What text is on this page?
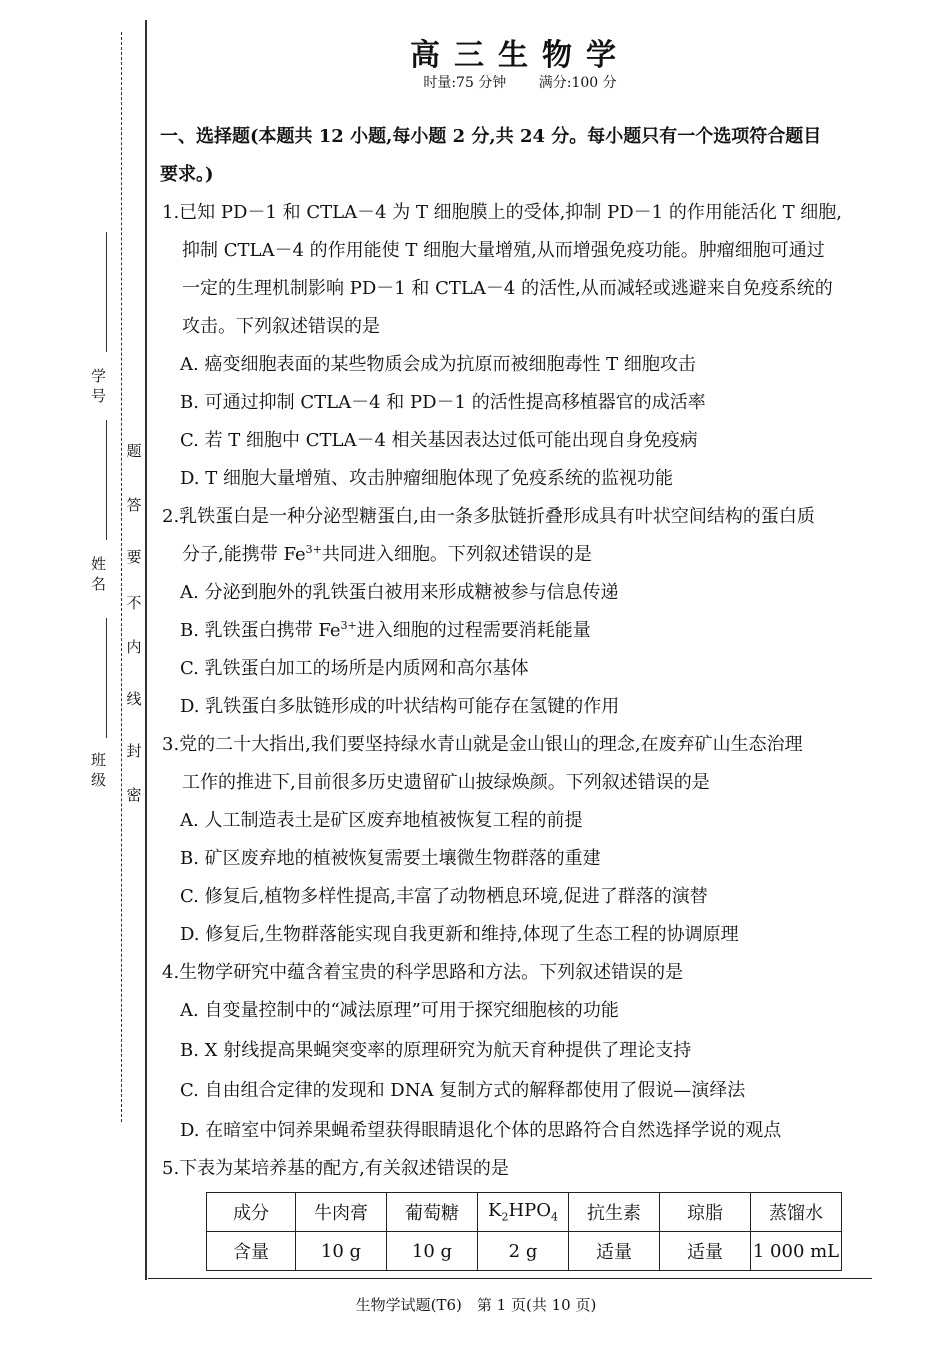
学 号
姓 名
班 级
题
答
要
不
内
线
封
密
高三生物学
时量:75 分钟 满分:100 分
一、选择题(本题共 12 小题,每小题 2 分,共 24 分。每小题只有一个选项符合题目
要求。)
1.已知 PD－1 和 CTLA－4 为 T 细胞膜上的受体,抑制 PD－1 的作用能活化 T 细胞,
抑制 CTLA－4 的作用能使 T 细胞大量增殖,从而增强免疫功能。肿瘤细胞可通过
一定的生理机制影响 PD－1 和 CTLA－4 的活性,从而减轻或逃避来自免疫系统的
攻击。下列叙述错误的是
A. 癌变细胞表面的某些物质会成为抗原而被细胞毒性 T 细胞攻击
B. 可通过抑制 CTLA－4 和 PD－1 的活性提高移植器官的成活率
C. 若 T 细胞中 CTLA－4 相关基因表达过低可能出现自身免疫病
D. T 细胞大量增殖、攻击肿瘤细胞体现了免疫系统的监视功能
2.乳铁蛋白是一种分泌型糖蛋白,由一条多肽链折叠形成具有叶状空间结构的蛋白质
分子,能携带 $Fe^{3+}$共同进入细胞。下列叙述错误的是
A. 分泌到胞外的乳铁蛋白被用来形成糖被参与信息传递
B. 乳铁蛋白携带 $Fe^{3+}$进入细胞的过程需要消耗能量
C. 乳铁蛋白加工的场所是内质网和高尔基体
D. 乳铁蛋白多肽链形成的叶状结构可能存在氢键的作用
3.党的二十大指出,我们要坚持绿水青山就是金山银山的理念,在废弃矿山生态治理
工作的推进下,目前很多历史遗留矿山披绿焕颜。下列叙述错误的是
A. 人工制造表土是矿区废弃地植被恢复工程的前提
B. 矿区废弃地的植被恢复需要土壤微生物群落的重建
C. 修复后,植物多样性提高,丰富了动物栖息环境,促进了群落的演替
D. 修复后,生物群落能实现自我更新和维持,体现了生态工程的协调原理
4.生物学研究中蕴含着宝贵的科学思路和方法。下列叙述错误的是
A. 自变量控制中的“减法原理”可用于探究细胞核的功能
B. X 射线提高果蝇突变率的原理研究为航天育种提供了理论支持
C. 自由组合定律的发现和 DNA 复制方式的解释都使用了假说—演绎法
D. 在暗室中饲养果蝇希望获得眼睛退化个体的思路符合自然选择学说的观点
5.下表为某培养基的配方,有关叙述错误的是
成分	牛肉膏	葡萄糖	$K_2HPO_4$	抗生素	琼脂	蒸馏水
含量	10 g	10 g	2 g	适量	适量	1 000 mL
生物学试题(T6)　第 1 页(共 10 页)
